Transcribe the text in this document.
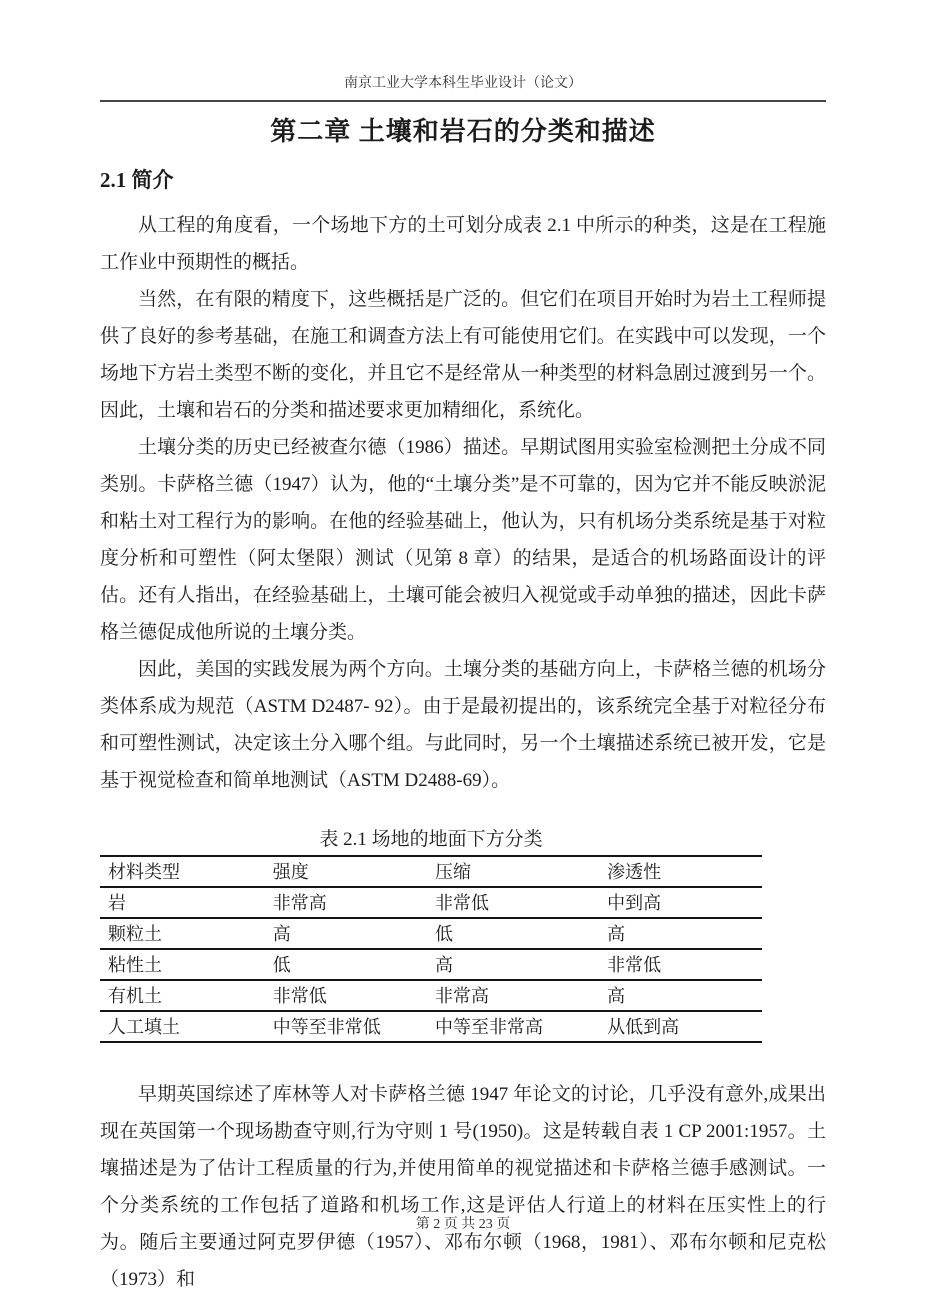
南京工业大学本科生毕业设计（论文）
第二章 土壤和岩石的分类和描述
2.1 简介

从工程的角度看，一个场地下方的土可划分成表 2.1 中所示的种类，这是在工程施工作业中预期性的概括。

当然，在有限的精度下，这些概括是广泛的。但它们在项目开始时为岩土工程师提供了良好的参考基础，在施工和调查方法上有可能使用它们。在实践中可以发现，一个场地下方岩土类型不断的变化，并且它不是经常从一种类型的材料急剧过渡到另一个。因此，土壤和岩石的分类和描述要求更加精细化，系统化。

土壤分类的历史已经被查尔德（1986）描述。早期试图用实验室检测把土分成不同类别。卡萨格兰德（1947）认为，他的“土壤分类”是不可靠的，因为它并不能反映淤泥和粘土对工程行为的影响。在他的经验基础上，他认为，只有机场分类系统是基于对粒度分析和可塑性（阿太堡限）测试（见第 8 章）的结果，是适合的机场路面设计的评估。还有人指出，在经验基础上，土壤可能会被归入视觉或手动单独的描述，因此卡萨格兰德促成他所说的土壤分类。

因此，美国的实践发展为两个方向。土壤分类的基础方向上，卡萨格兰德的机场分类体系成为规范（ASTM D2487- 92）。由于是最初提出的，该系统完全基于对粒径分布和可塑性测试，决定该土分入哪个组。与此同时，另一个土壤描述系统已被开发，它是基于视觉检查和简单地测试（ASTM D2488-69）。

表 2.1 场地的地面下方分类
材料类型	强度	压缩	渗透性
岩	非常高	非常低	中到高
颗粒土	高	低	高
粘性土	低	高	非常低
有机土	非常低	非常高	高
人工填土	中等至非常低	中等至非常高	从低到高

早期英国综述了库林等人对卡萨格兰德 1947 年论文的讨论，几乎没有意外,成果出现在英国第一个现场勘查守则,行为守则 1 号(1950)。这是转载自表 1 CP 2001:1957。土壤描述是为了估计工程质量的行为,并使用简单的视觉描述和卡萨格兰德手感测试。一个分类系统的工作包括了道路和机场工作,这是评估人行道上的材料在压实性上的行为。随后主要通过阿克罗伊德（1957）、邓布尔顿（1968，1981）、邓布尔顿和尼克松（1973）和

第 2 页 共 23 页
